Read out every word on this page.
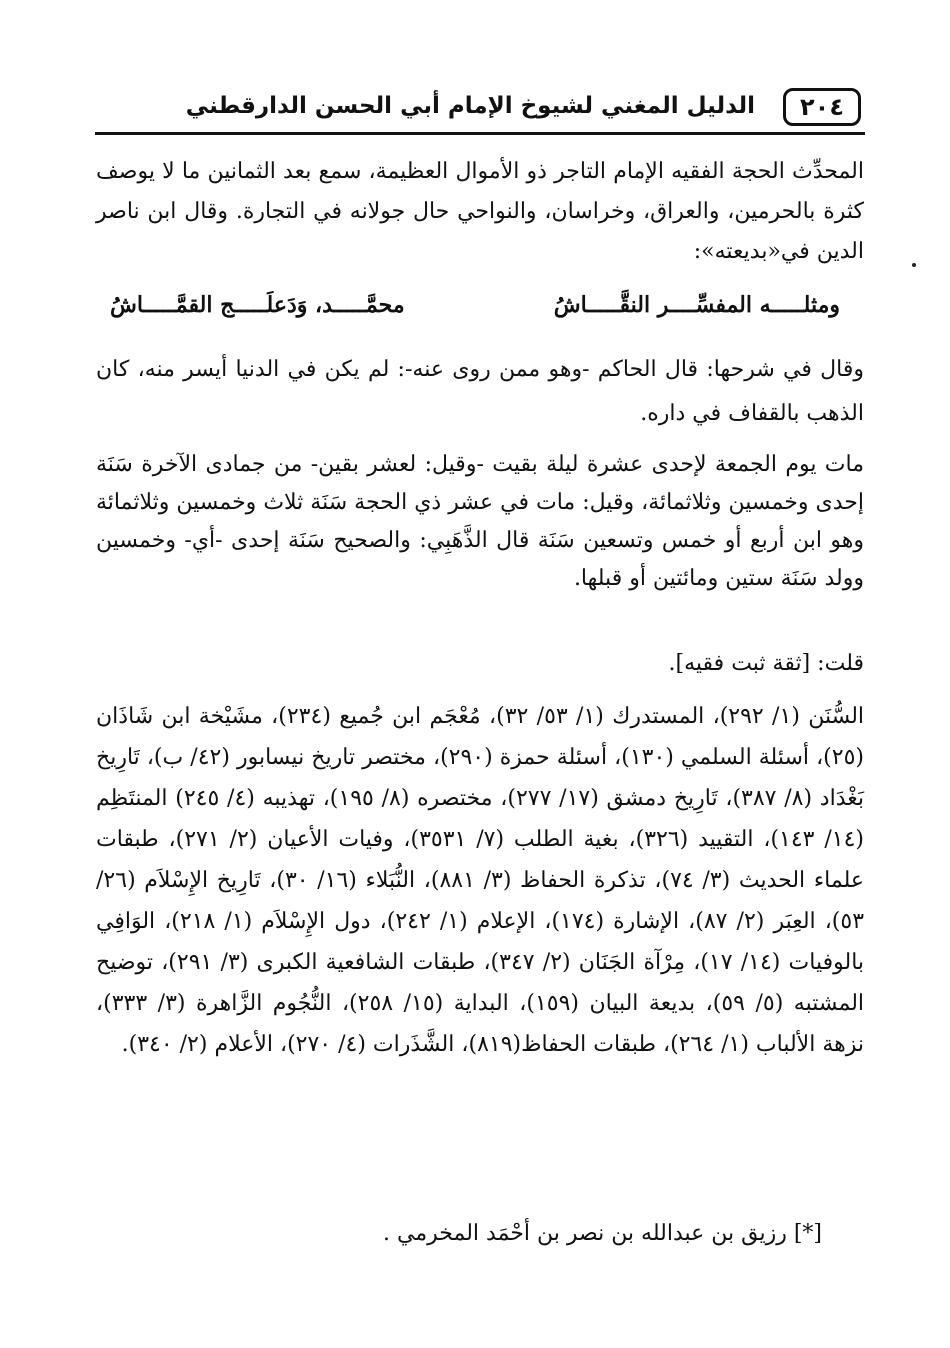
٢٠٤
الدليل المغني لشيوخ الإمام أبي الحسن الدارقطني

المحدِّث الحجة الفقيه الإمام التاجر ذو الأموال العظيمة، سمع بعد الثمانين ما لا يوصف كثرة بالحرمين، والعراق، وخراسان، والنواحي حال جولانه في التجارة. وقال ابن ناصر الدين في«بديعته»:

ومثلـــــه المفسِّــــر النقَّـــــاشُ
محمَّـــــد، وَدَعلَـــــج القمَّـــــاشُ

وقال في شرحها: قال الحاكم -وهو ممن روى عنه-: لم يكن في الدنيا أيسر منه، كان الذهب بالقفاف في داره.

مات يوم الجمعة لإحدى عشرة ليلة بقيت -وقيل: لعشر بقين- من جمادى الآخرة سَنَة إحدى وخمسين وثلاثمائة، وقيل: مات في عشر ذي الحجة سَنَة ثلاث وخمسين وثلاثمائة وهو ابن أربع أو خمس وتسعين سَنَة قال الذَّهَبِي: والصحيح سَنَة إحدى -أي- وخمسين وولد سَنَة ستين ومائتين أو قبلها.

قلت: [ثقة ثبت فقيه].

السُّنَن (١/ ٢٩٢)، المستدرك (١/ ٥٣/ ٣٢)، مُعْجَم ابن جُميع (٢٣٤)، مشَيْخة ابن شَاذَان (٢٥)، أسئلة السلمي (١٣٠)، أسئلة حمزة (٢٩٠)، مختصر تاريخ نيسابور (٤٢/ ب)، تَارِيخ بَغْدَاد (٨/ ٣٨٧)، تَارِيخ دمشق (١٧/ ٢٧٧)، مختصره (٨/ ١٩٥)، تهذيبه (٤/ ٢٤٥) المنتَظِم (١٤/ ١٤٣)، التقييد (٣٢٦)، بغية الطلب (٧/ ٣٥٣١)، وفيات الأعيان (٢/ ٢٧١)، طبقات علماء الحديث (٣/ ٧٤)، تذكرة الحفاظ (٣/ ٨٨١)، النُّبَلاء (١٦/ ٣٠)، تَارِيخ الإِسْلاَم (٢٦/ ٥٣)، العِبَر (٢/ ٨٧)، الإشارة (١٧٤)، الإعلام (١/ ٢٤٢)، دول الإِسْلاَم (١/ ٢١٨)، الوَافِي بالوفيات (١٤/ ١٧)، مِرْآة الجَنَان (٢/ ٣٤٧)، طبقات الشافعية الكبرى (٣/ ٢٩١)، توضيح المشتبه (٥/ ٥٩)، بديعة البيان (١٥٩)، البداية (١٥/ ٢٥٨)، النُّجُوم الزَّاهرة (٣/ ٣٣٣)، نزهة الألباب (١/ ٢٦٤)، طبقات الحفاظ(٨١٩)، الشَّذَرات (٤/ ٢٧٠)، الأعلام (٢/ ٣٤٠).

[*] رزيق بن عبدالله بن نصر بن أحْمَد المخرمي .
